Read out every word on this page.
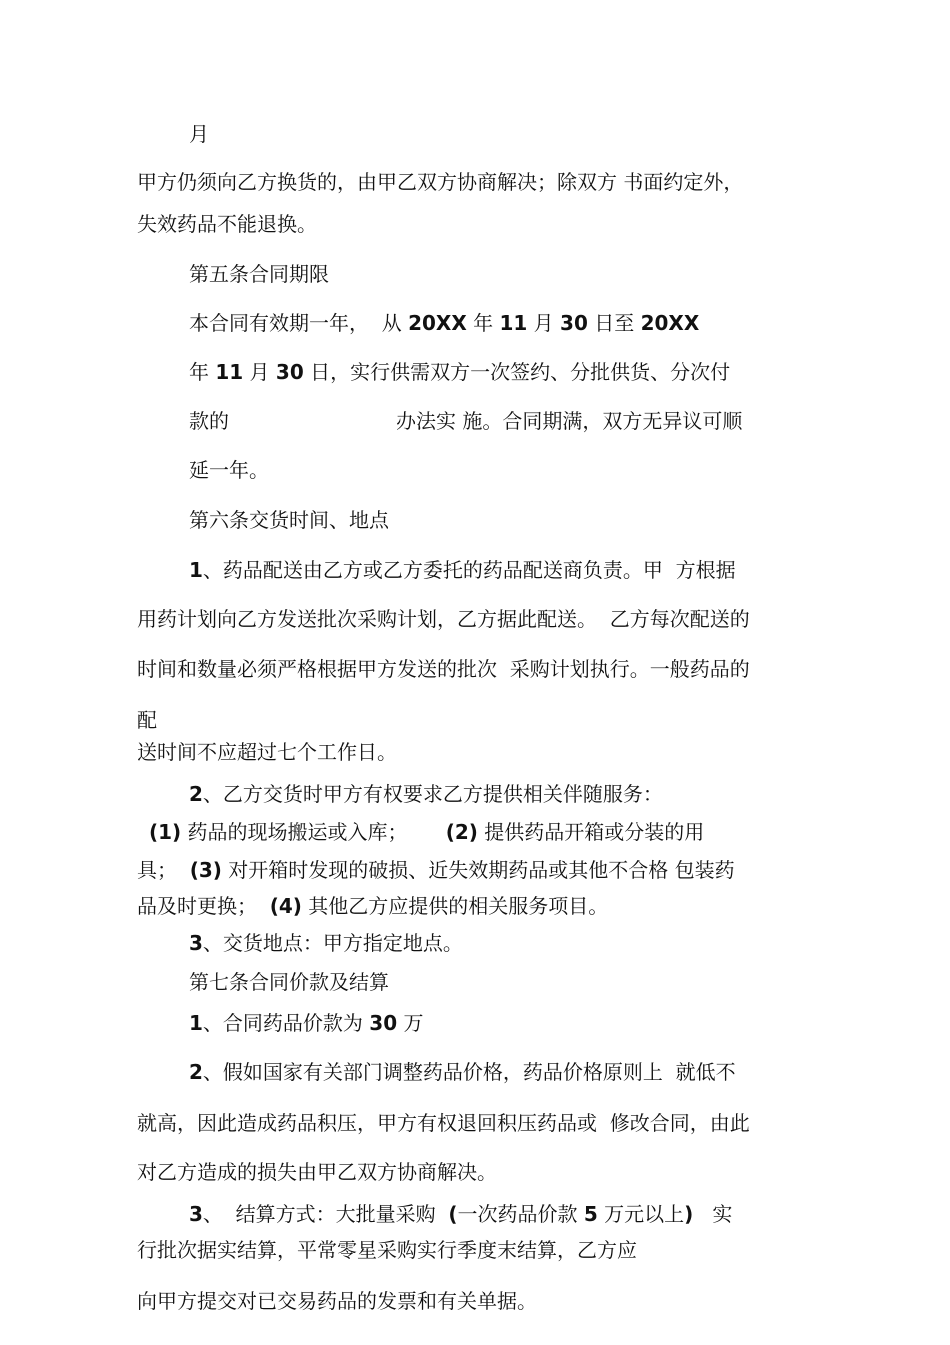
月
甲方仍须向乙方换货的，由甲乙双方协商解决；除双方 书面约定外，
失效药品不能退换。
第五条合同期限
本合同有效期一年，  从 20XX 年 11 月 30 日至 20XX
年 11 月 30 日，实行供需双方一次签约、分批供货、分次付
款的	办法实 施。合同期满，双方无异议可顺
延一年。
第六条交货时间、地点
1、药品配送由乙方或乙方委托的药品配送商负责。甲  方根据
用药计划向乙方发送批次采购计划，乙方据此配送。  乙方每次配送的
时间和数量必须严格根据甲方发送的批次  采购计划执行。一般药品的
配
送时间不应超过七个工作日。
2、乙方交货时甲方有权要求乙方提供相关伴随服务：
(1) 药品的现场搬运或入库；      (2) 提供药品开箱或分装的用
具；  (3) 对开箱时发现的破损、近失效期药品或其他不合格 包装药
品及时更换；  (4) 其他乙方应提供的相关服务项目。
3、交货地点：甲方指定地点。
第七条合同价款及结算
1、合同药品价款为 30 万
2、假如国家有关部门调整药品价格，药品价格原则上  就低不
就高，因此造成药品积压，甲方有权退回积压药品或  修改合同，由此
对乙方造成的损失由甲乙双方协商解决。
3、  结算方式：大批量采购  (一次药品价款 5 万元以上)   实
行批次据实结算，平常零星采购实行季度末结算，乙方应
向甲方提交对已交易药品的发票和有关单据。
